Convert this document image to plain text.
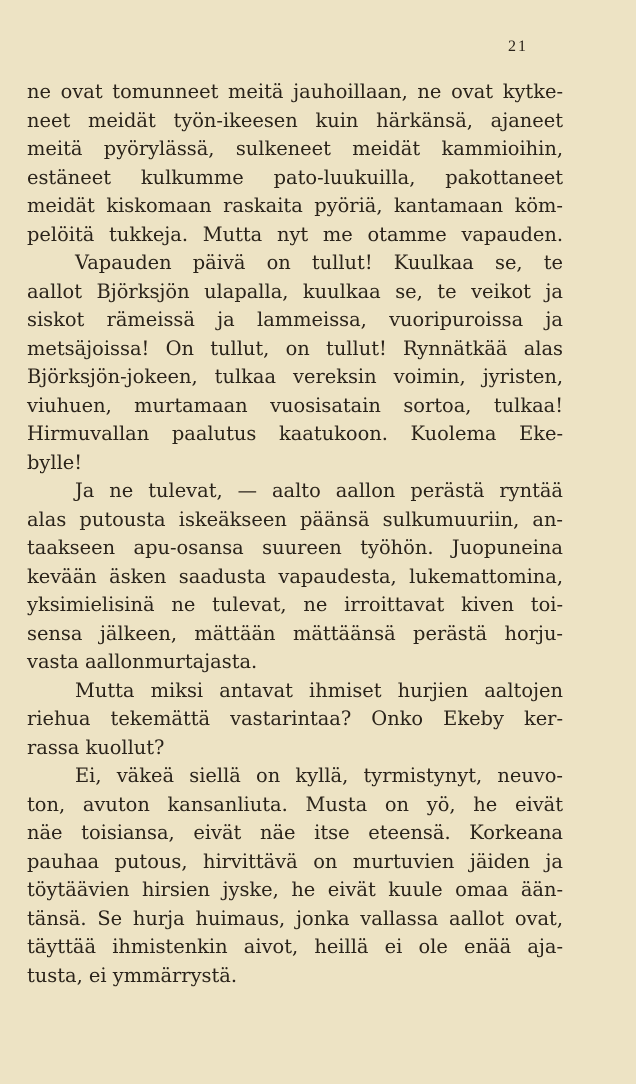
21
ne ovat tomunneet meitä jauhoillaan, ne ovat kytke-
neet meidät työn-ikeesen kuin härkänsä, ajaneet
meitä pyörylässä, sulkeneet meidät kammioihin,
estäneet kulkumme pato-luukuilla, pakottaneet
meidät kiskomaan raskaita pyöriä, kantamaan köm-
pelöitä tukkeja. Mutta nyt me otamme vapauden.
Vapauden päivä on tullut! Kuulkaa se, te
aallot Björksjön ulapalla, kuulkaa se, te veikot ja
siskot rämeissä ja lammeissa, vuoripuroissa ja
metsäjoissa! On tullut, on tullut! Rynnätkää alas
Björksjön-jokeen, tulkaa vereksin voimin, jyristen,
viuhuen, murtamaan vuosisatain sortoa, tulkaa!
Hirmuvallan paalutus kaatukoon. Kuolema Eke-
bylle!
Ja ne tulevat, — aalto aallon perästä ryntää
alas putousta iskeäkseen päänsä sulkumuuriin, an-
taakseen apu-osansa suureen työhön. Juopuneina
kevään äsken saadusta vapaudesta, lukemattomina,
yksimielisinä ne tulevat, ne irroittavat kiven toi-
sensa jälkeen, mättään mättäänsä perästä horju-
vasta aallonmurtajasta.
Mutta miksi antavat ihmiset hurjien aaltojen
riehua tekemättä vastarintaa? Onko Ekeby ker-
rassa kuollut?
Ei, väkeä siellä on kyllä, tyrmistynyt, neuvo-
ton, avuton kansanliuta. Musta on yö, he eivät
näe toisiansa, eivät näe itse eteensä. Korkeana
pauhaa putous, hirvittävä on murtuvien jäiden ja
töytäävien hirsien jyske, he eivät kuule omaa ään-
tänsä. Se hurja huimaus, jonka vallassa aallot ovat,
täyttää ihmistenkin aivot, heillä ei ole enää aja-
tusta, ei ymmärrystä.
